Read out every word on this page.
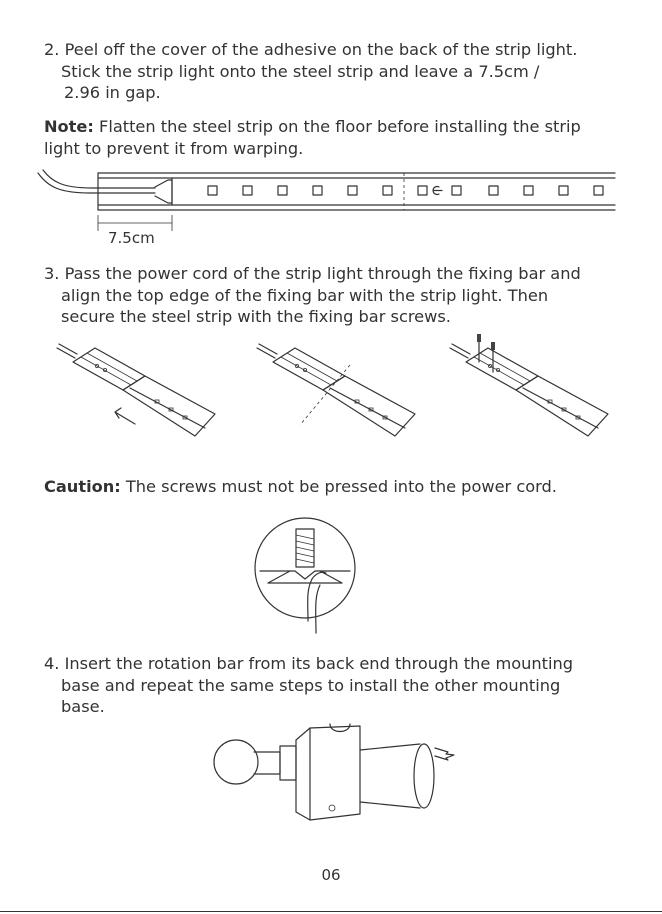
2. Peel off the cover of the adhesive on the back of the strip light.
Stick the strip light onto the steel strip and leave a 7.5cm /
2.96 in gap.
Note: Flatten the steel strip on the floor before installing the strip
light to prevent it from warping.
7.5cm
3. Pass the power cord of the strip light through the fixing bar and
align the top edge of the fixing bar with the strip light. Then
secure the steel strip with the fixing bar screws.
Caution: The screws must not be pressed into the power cord.
4. Insert the rotation bar from its back end through the mounting
base and repeat the same steps to install the other mounting
base.
06
